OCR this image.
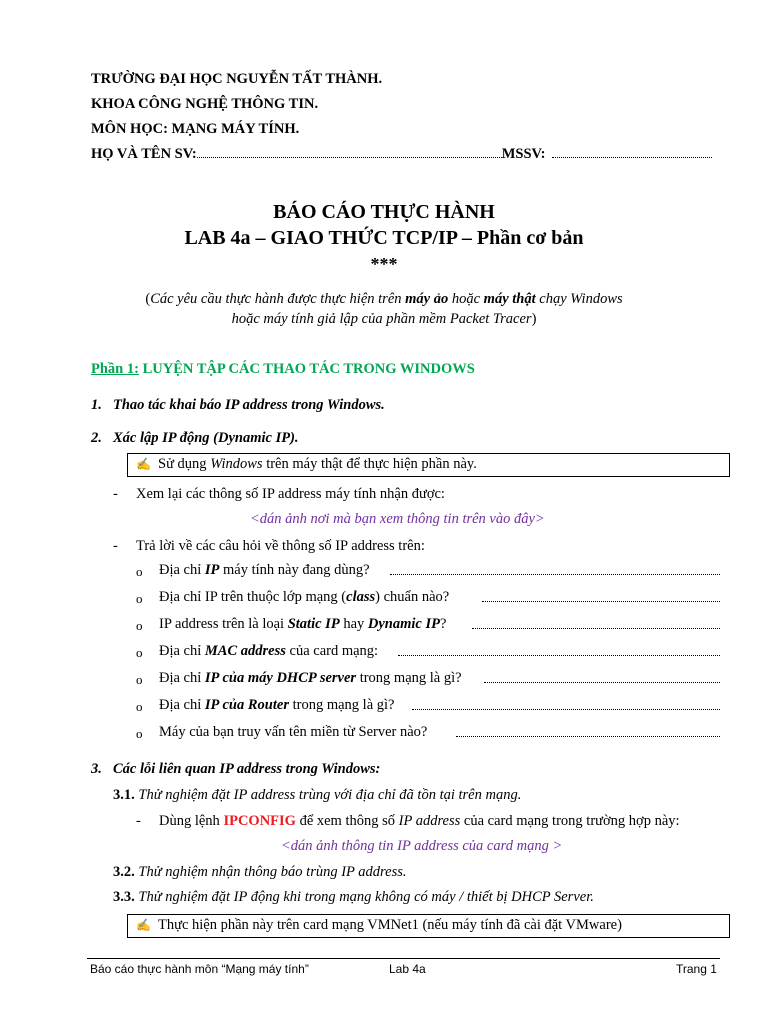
TRƯỜNG ĐẠI HỌC NGUYỄN TẤT THÀNH.
KHOA CÔNG NGHỆ THÔNG TIN.
MÔN HỌC: MẠNG MÁY TÍNH.
HỌ VÀ TÊN SV:	MSSV:
BÁO CÁO THỰC HÀNH
LAB 4a – GIAO THỨC TCP/IP – Phần cơ bản
***
(Các yêu cầu thực hành được thực hiện trên máy ảo hoặc máy thật chạy Windows
hoặc máy tính giả lập của phần mềm Packet Tracer)
Phần 1: LUYỆN TẬP CÁC THAO TÁC TRONG WINDOWS
1. Thao tác khai báo IP address trong Windows.
2. Xác lập IP động (Dynamic IP).
✍ Sử dụng Windows trên máy thật để thực hiện phần này.
- Xem lại các thông số IP address máy tính nhận được:
<dán ảnh nơi mà bạn xem thông tin trên vào đây>
- Trả lời về các câu hỏi về thông số IP address trên:
o Địa chỉ IP máy tính này đang dùng?
o Địa chỉ IP trên thuộc lớp mạng (class) chuẩn nào?
o IP address trên là loại Static IP hay Dynamic IP?
o Địa chỉ MAC address của card mạng:
o Địa chỉ IP của máy DHCP server trong mạng là gì?
o Địa chỉ IP của Router trong mạng là gì?
o Máy của bạn truy vấn tên miền từ Server nào?
3. Các lỗi liên quan IP address trong Windows:
3.1. Thử nghiệm đặt IP address trùng với địa chỉ đã tồn tại trên mạng.
- Dùng lệnh IPCONFIG để xem thông số IP address của card mạng trong trường hợp này:
<dán ảnh thông tin IP address của card mạng >
3.2. Thử nghiệm nhận thông báo trùng IP address.
3.3. Thử nghiệm đặt IP động khi trong mạng không có máy / thiết bị DHCP Server.
✍ Thực hiện phần này trên card mạng VMNet1 (nếu máy tính đã cài đặt VMware)
Báo cáo thực hành môn “Mạng máy tính”	Lab 4a	Trang 1
